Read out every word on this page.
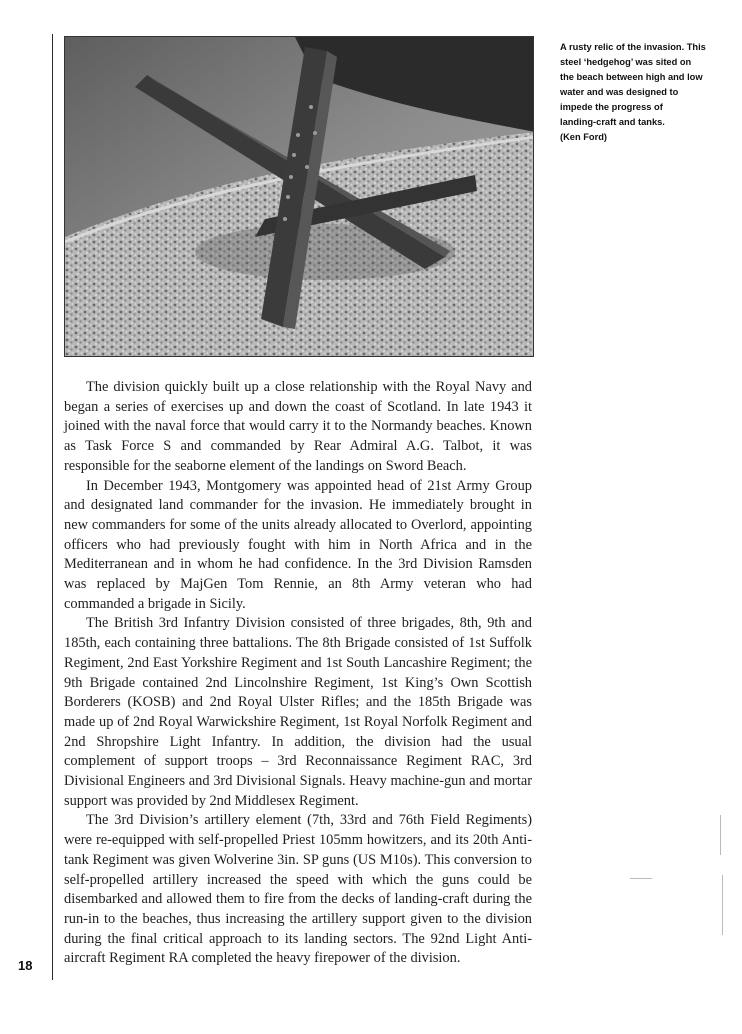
A rusty relic of the invasion. This
steel ‘hedgehog’ was sited on
the beach between high and low
water and was designed to
impede the progress of
landing-craft and tanks.
(Ken Ford)

The division quickly built up a close relationship with the Royal Navy and began a series of exercises up and down the coast of Scotland. In late 1943 it joined with the naval force that would carry it to the Normandy beaches. Known as Task Force S and commanded by Rear Admiral A.G. Talbot, it was responsible for the seaborne element of the landings on Sword Beach.

In December 1943, Montgomery was appointed head of 21st Army Group and designated land commander for the invasion. He immediately brought in new commanders for some of the units already allocated to Overlord, appointing officers who had previously fought with him in North Africa and in the Mediterranean and in whom he had confidence. In the 3rd Division Ramsden was replaced by MajGen Tom Rennie, an 8th Army veteran who had commanded a brigade in Sicily.

The British 3rd Infantry Division consisted of three brigades, 8th, 9th and 185th, each containing three battalions. The 8th Brigade consisted of 1st Suffolk Regiment, 2nd East Yorkshire Regiment and 1st South Lancashire Regiment; the 9th Brigade contained 2nd Lincolnshire Regiment, 1st King’s Own Scottish Borderers (KOSB) and 2nd Royal Ulster Rifles; and the 185th Brigade was made up of 2nd Royal Warwickshire Regiment, 1st Royal Norfolk Regiment and 2nd Shropshire Light Infantry. In addition, the division had the usual complement of support troops – 3rd Reconnaissance Regiment RAC, 3rd Divisional Engineers and 3rd Divisional Signals. Heavy machine-gun and mortar support was provided by 2nd Middlesex Regiment.

The 3rd Division’s artillery element (7th, 33rd and 76th Field Regiments) were re-equipped with self-propelled Priest 105mm howitzers, and its 20th Anti-tank Regiment was given Wolverine 3in. SP guns (US M10s). This conversion to self-propelled artillery increased the speed with which the guns could be disembarked and allowed them to fire from the decks of landing-craft during the run-in to the beaches, thus increasing the artillery support given to the division during the final critical approach to its landing sectors. The 92nd Light Anti-aircraft Regiment RA completed the heavy firepower of the division.

18
